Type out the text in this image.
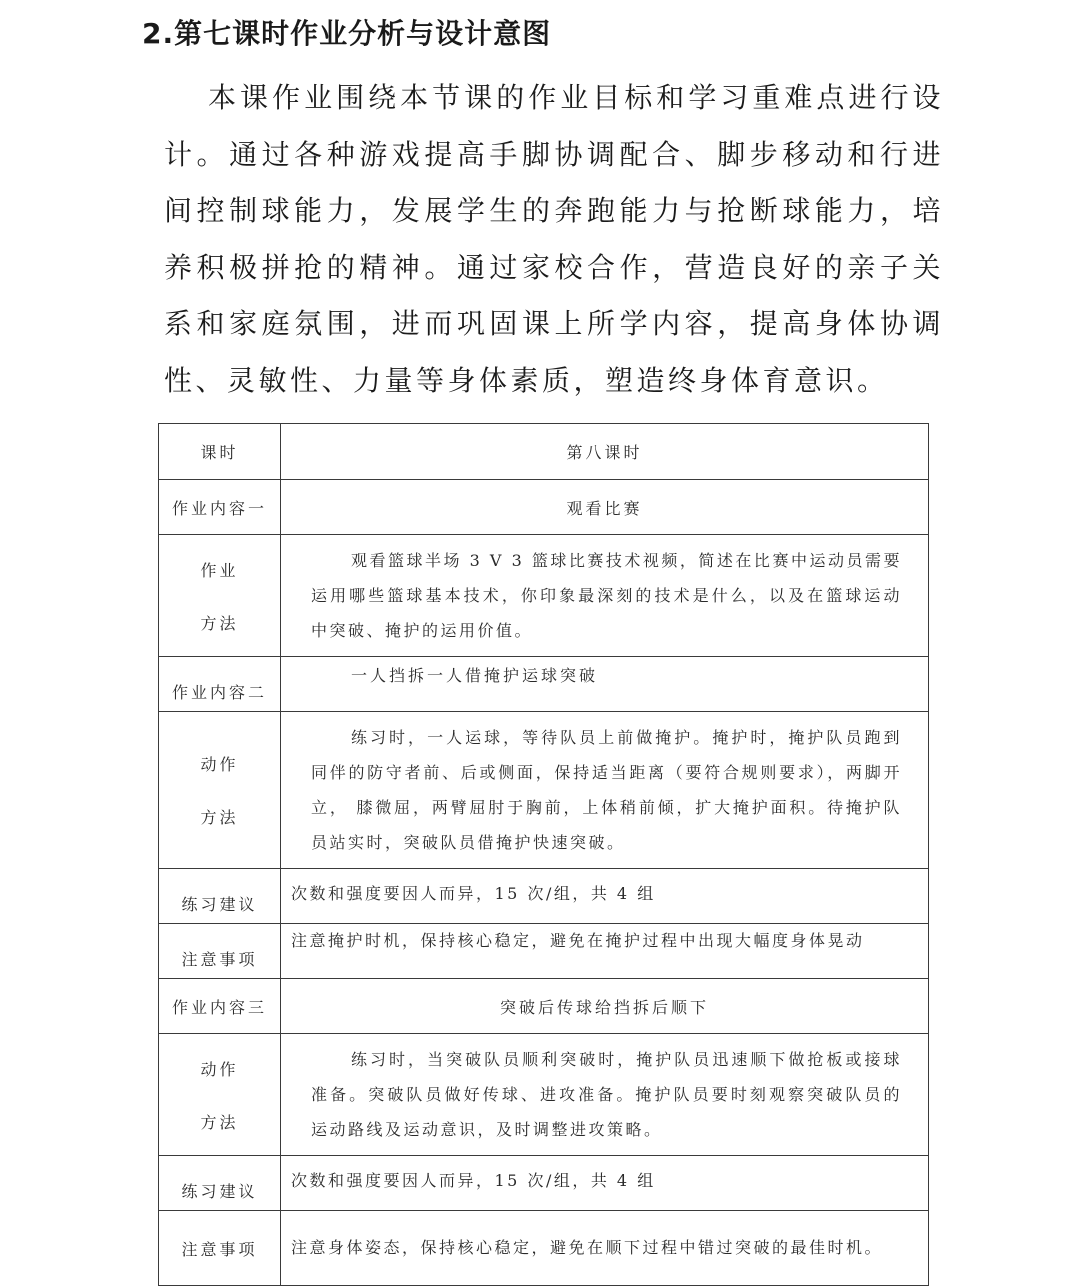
2.第七课时作业分析与设计意图
本课作业围绕本节课的作业目标和学习重难点进行设计。通过各种游戏提高手脚协调配合、脚步移动和行进间控制球能力，发展学生的奔跑能力与抢断球能力，培养积极拼抢的精神。通过家校合作，营造良好的亲子关系和家庭氛围，进而巩固课上所学内容，提高身体协调性、灵敏性、力量等身体素质，塑造终身体育意识。
课时	第八课时
作业内容一	观看比赛

作业
方法	观看篮球半场 3 V 3 篮球比赛技术视频，简述在比赛中运动员需要运用哪些篮球基本技术，你印象最深刻的技术是什么，以及在篮球运动中突破、掩护的运用价值。
作业内容二	一人挡拆一人借掩护运球突破

动作
方法	练习时，一人运球，等待队员上前做掩护。掩护时，掩护队员跑到同伴的防守者前、后或侧面，保持适当距离（要符合规则要求），两脚开立， 膝微屈，两臂屈肘于胸前，上体稍前倾，扩大掩护面积。待掩护队员站实时，突破队员借掩护快速突破。
练习建议	次数和强度要因人而异，15 次/组，共 4 组
注意事项	注意掩护时机，保持核心稳定，避免在掩护过程中出现大幅度身体晃动
作业内容三	突破后传球给挡拆后顺下

动作
方法	练习时，当突破队员顺利突破时，掩护队员迅速顺下做抢板或接球准备。突破队员做好传球、进攻准备。掩护队员要时刻观察突破队员的运动路线及运动意识，及时调整进攻策略。
练习建议	次数和强度要因人而异，15 次/组，共 4 组
注意事项	注意身体姿态，保持核心稳定，避免在顺下过程中错过突破的最佳时机。
